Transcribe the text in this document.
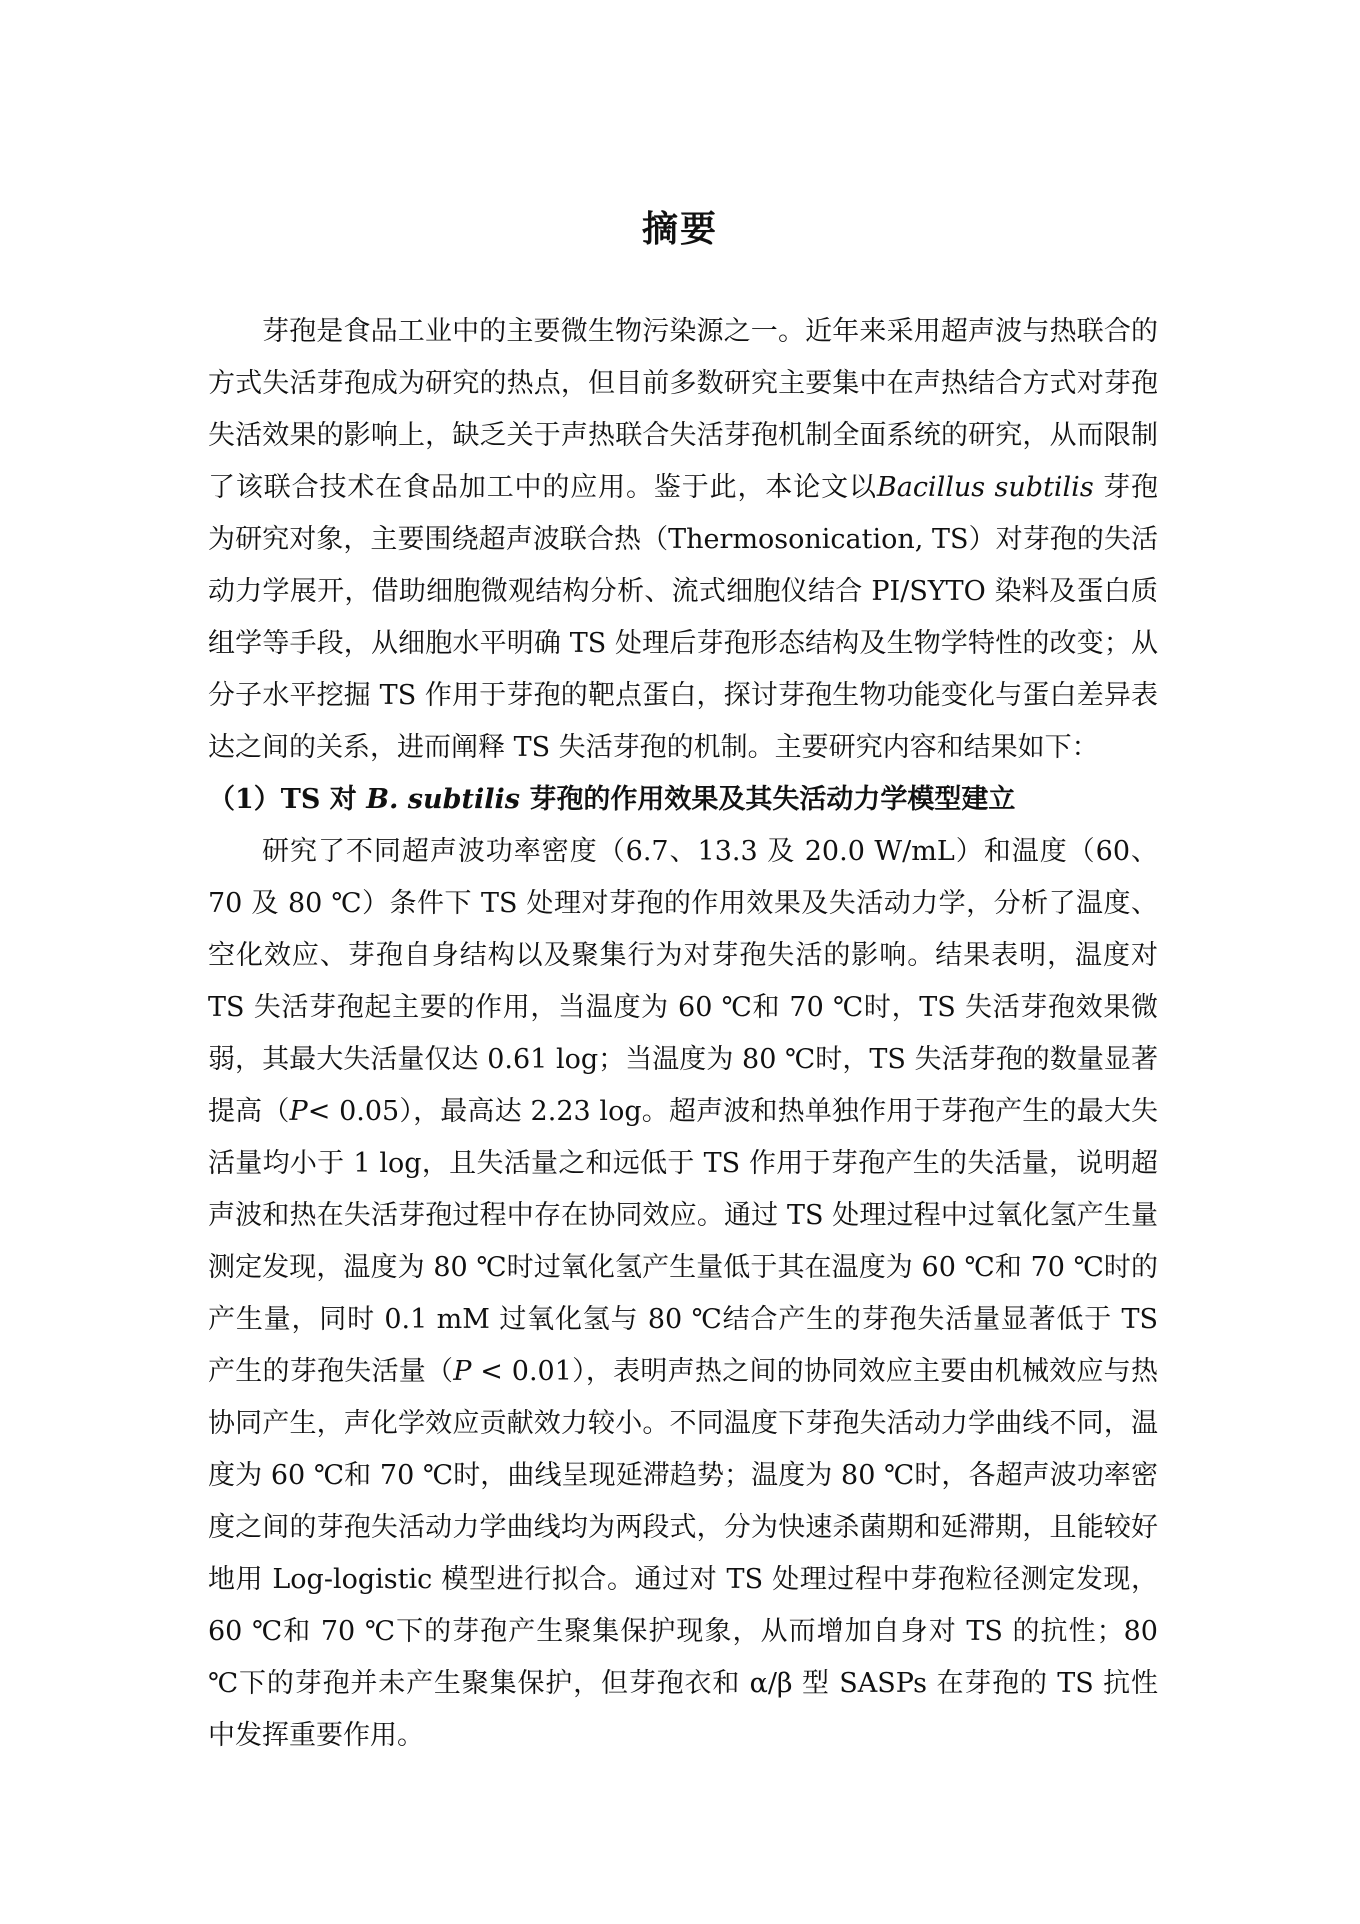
摘要

芽孢是食品工业中的主要微生物污染源之一。近年来采用超声波与热联合的方式失活芽孢成为研究的热点，但目前多数研究主要集中在声热结合方式对芽孢失活效果的影响上，缺乏关于声热联合失活芽孢机制全面系统的研究，从而限制了该联合技术在食品加工中的应用。鉴于此，本论文以Bacillus subtilis 芽孢为研究对象，主要围绕超声波联合热（Thermosonication, TS）对芽孢的失活动力学展开，借助细胞微观结构分析、流式细胞仪结合 PI/SYTO 染料及蛋白质组学等手段，从细胞水平明确 TS 处理后芽孢形态结构及生物学特性的改变；从分子水平挖掘 TS 作用于芽孢的靶点蛋白，探讨芽孢生物功能变化与蛋白差异表达之间的关系，进而阐释 TS 失活芽孢的机制。主要研究内容和结果如下：

（1）TS 对 B. subtilis 芽孢的作用效果及其失活动力学模型建立

研究了不同超声波功率密度（6.7、13.3 及 20.0 W/mL）和温度（60、70 及 80 ℃）条件下 TS 处理对芽孢的作用效果及失活动力学，分析了温度、空化效应、芽孢自身结构以及聚集行为对芽孢失活的影响。结果表明，温度对 TS 失活芽孢起主要的作用，当温度为 60 ℃和 70 ℃时，TS 失活芽孢效果微弱，其最大失活量仅达 0.61 log；当温度为 80 ℃时，TS 失活芽孢的数量显著提高（P< 0.05），最高达 2.23 log。超声波和热单独作用于芽孢产生的最大失活量均小于 1 log，且失活量之和远低于 TS 作用于芽孢产生的失活量，说明超声波和热在失活芽孢过程中存在协同效应。通过 TS 处理过程中过氧化氢产生量测定发现，温度为 80 ℃时过氧化氢产生量低于其在温度为 60 ℃和 70 ℃时的产生量，同时 0.1 mM 过氧化氢与 80 ℃结合产生的芽孢失活量显著低于 TS 产生的芽孢失活量（P < 0.01），表明声热之间的协同效应主要由机械效应与热协同产生，声化学效应贡献效力较小。不同温度下芽孢失活动力学曲线不同，温度为 60 ℃和 70 ℃时，曲线呈现延滞趋势；温度为 80 ℃时，各超声波功率密度之间的芽孢失活动力学曲线均为两段式，分为快速杀菌期和延滞期，且能较好地用 Log-logistic 模型进行拟合。通过对 TS 处理过程中芽孢粒径测定发现，60 ℃和 70 ℃下的芽孢产生聚集保护现象，从而增加自身对 TS 的抗性；80 ℃下的芽孢并未产生聚集保护，但芽孢衣和 α/β 型 SASPs 在芽孢的 TS 抗性中发挥重要作用。
